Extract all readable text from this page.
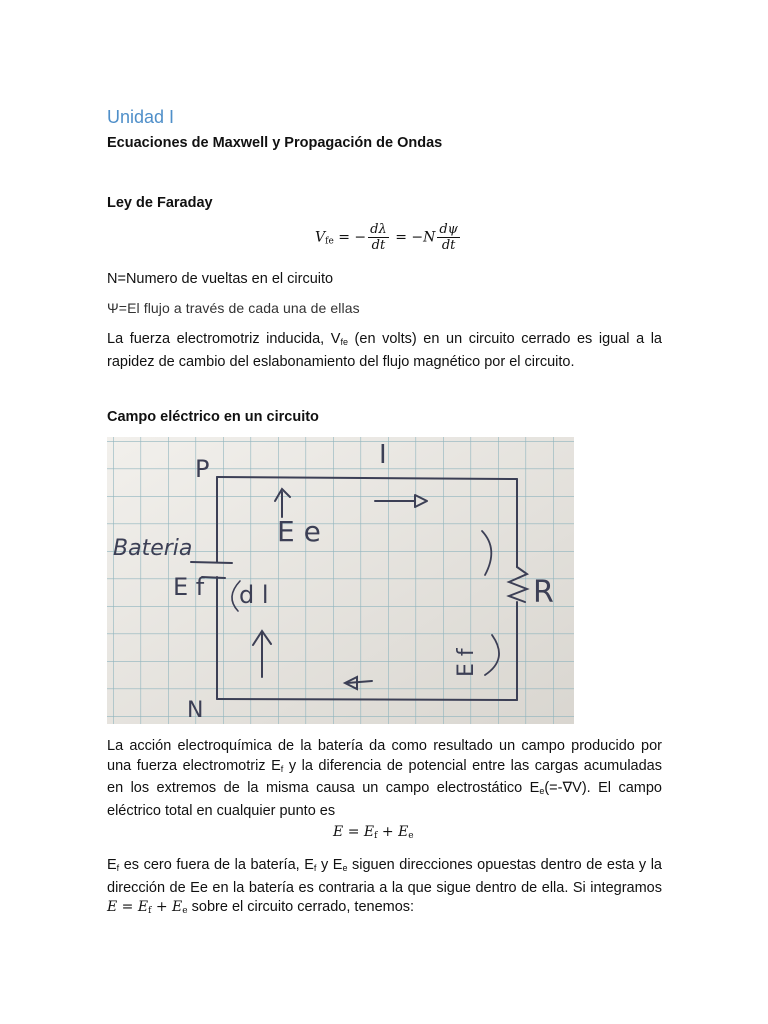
Unidad I
Ecuaciones de Maxwell y Propagación de Ondas
Ley de Faraday
$V_{fe}$ = − $\frac{d\lambda}{dt} = -N \frac{d\psi}{dt}$
N=Numero de vueltas en el circuito
Ψ=El flujo a través de cada una de ellas
La fuerza electromotriz inducida, $V_{fe}$ (en volts) en un circuito cerrado es igual a la rapidez de cambio del eslabonamiento del flujo magnético por el circuito.
Campo eléctrico en un circuito
P
N
I
Bateria
E e
E f d l	R
E f
La acción electroquímica de la batería da como resultado un campo producido por una fuerza electromotriz $E_f$ y la diferencia de potencial entre las cargas acumuladas en los extremos de la misma causa un campo electrostático $E_e(=-\nabla V)$. El campo eléctrico total en cualquier punto es
$E = E_f + E_e$
$E_f$ es cero fuera de la batería, $E_f$ y $E_e$ siguen direcciones opuestas dentro de esta y la dirección de Ee en la batería es contraria a la que sigue dentro de ella. Si integramos $E = E_f + E_e$ sobre el circuito cerrado, tenemos:
